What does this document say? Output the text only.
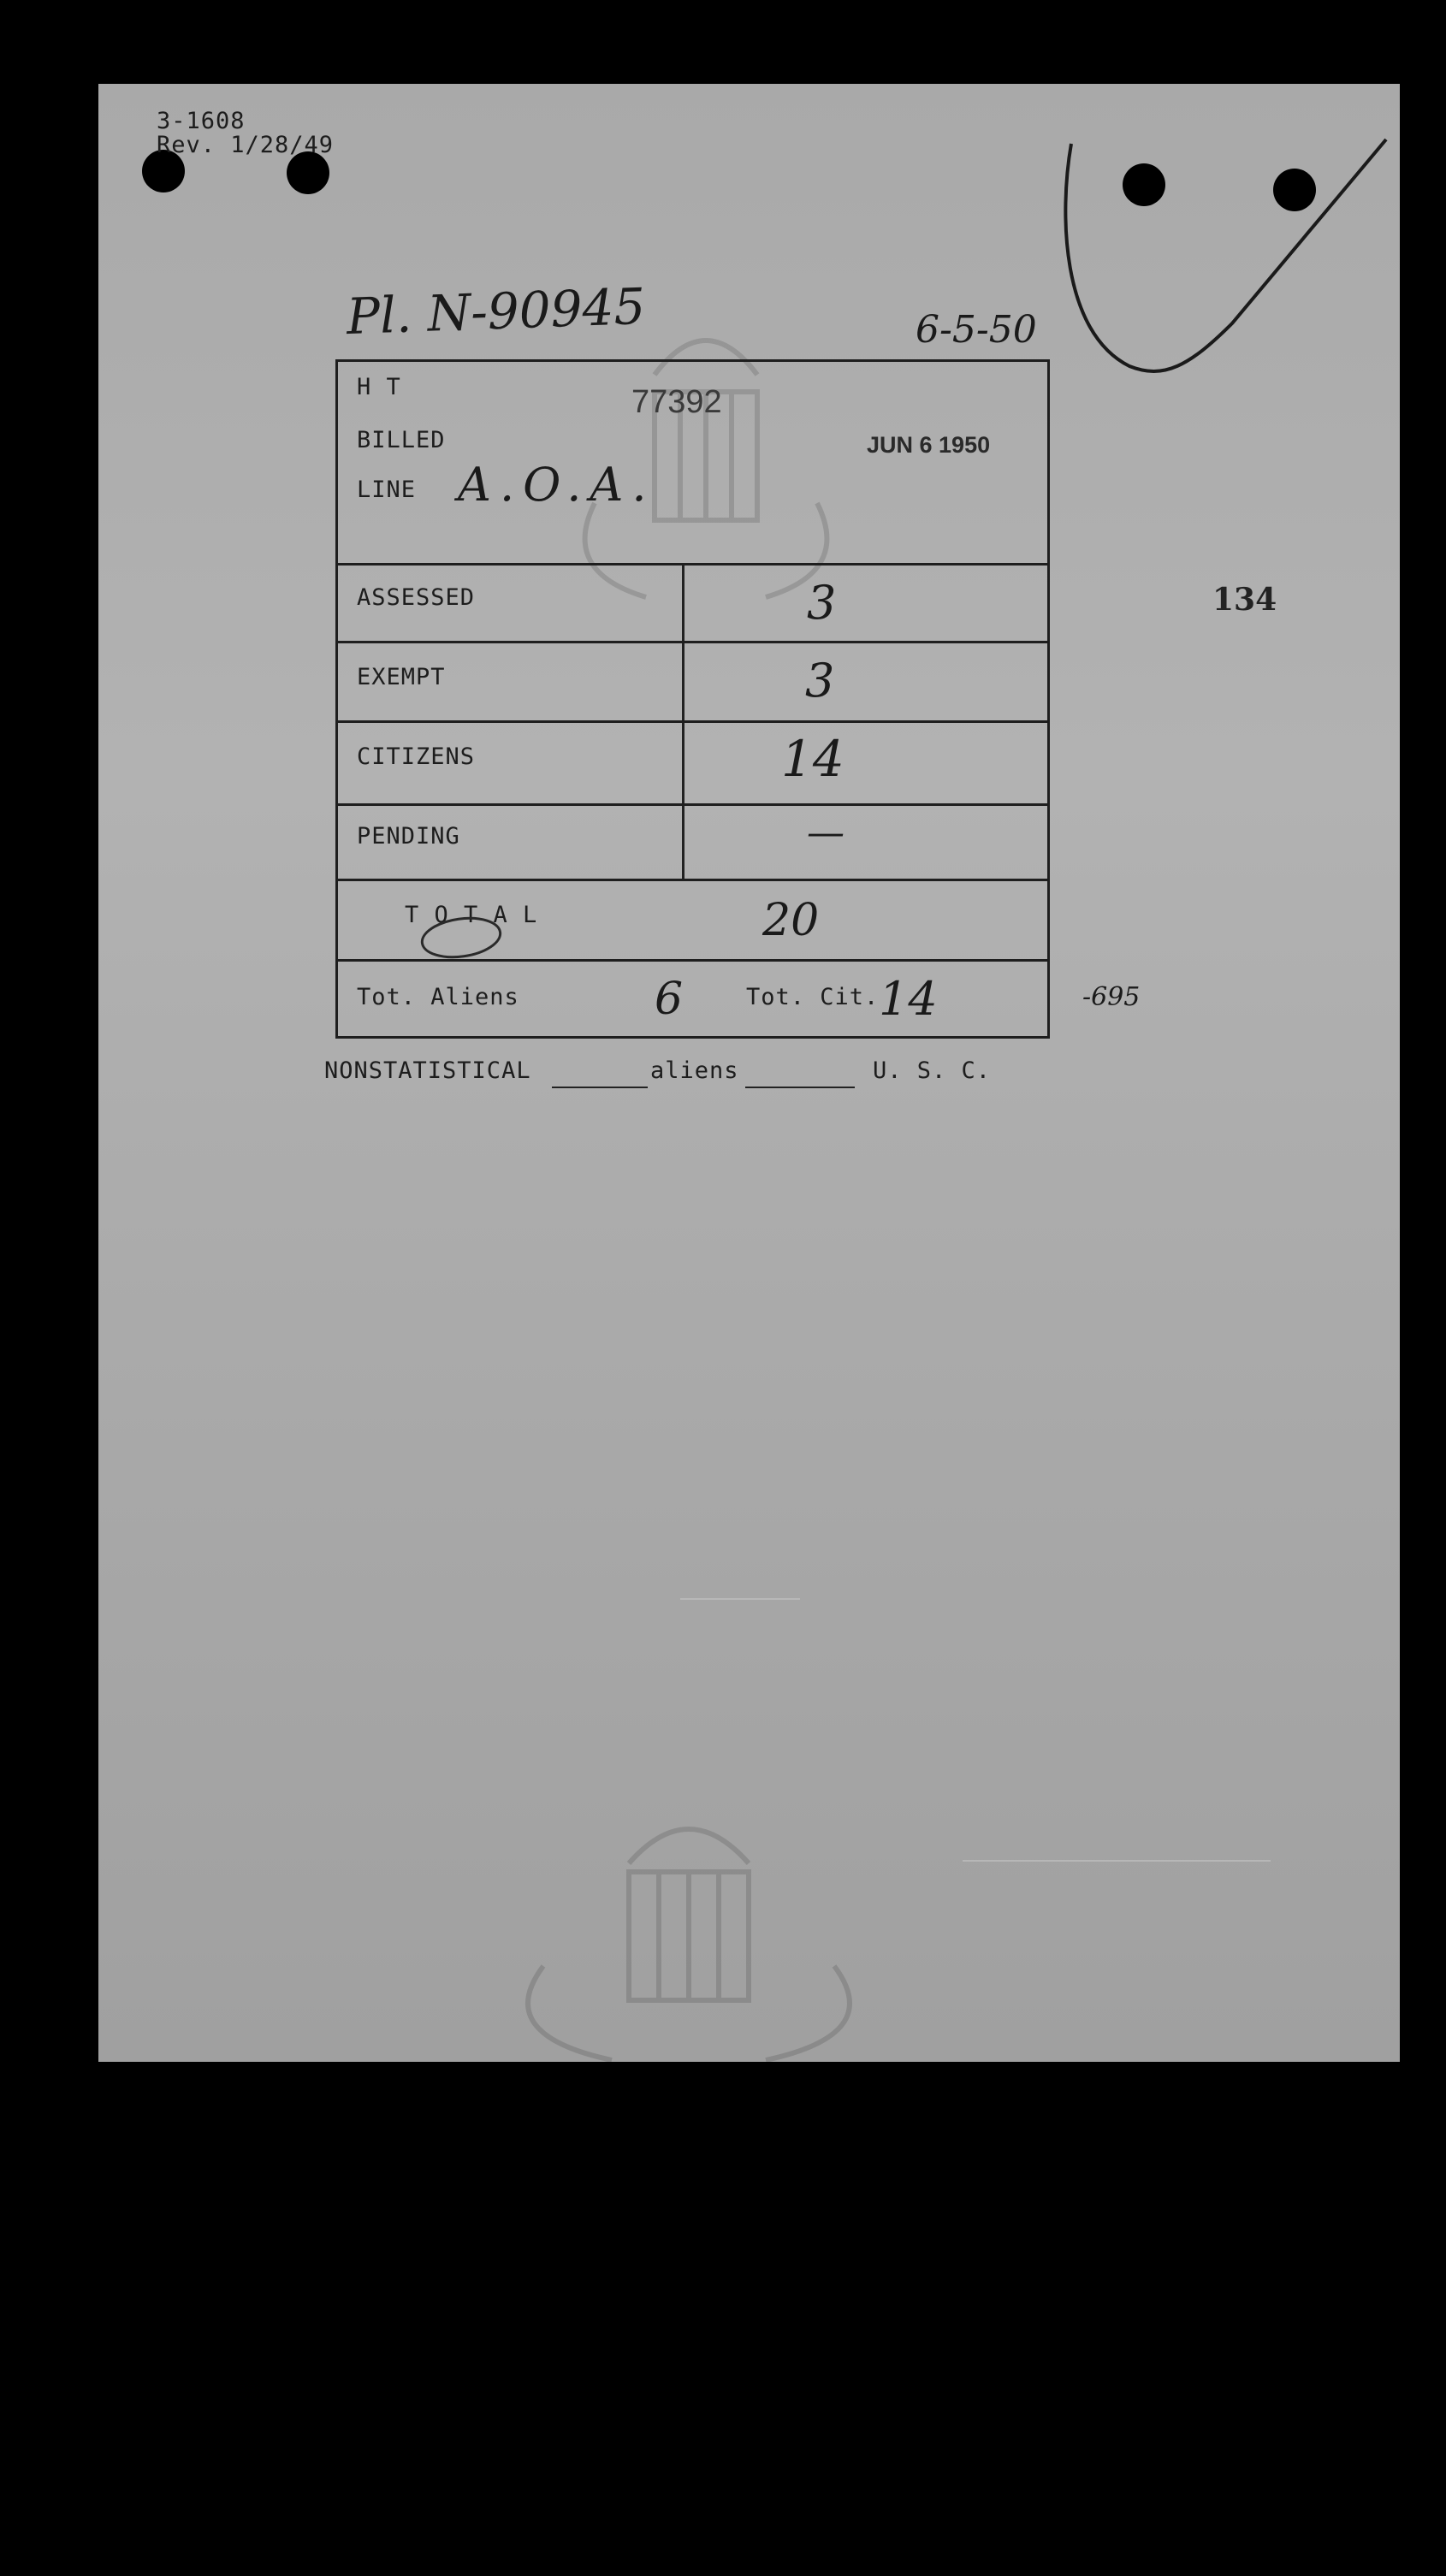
3-1608
Rev. 1/28/49
Pl. N-90945	6-5-50
H T	77392
BILLED	JUN 6 1950
LINE A.O.A.
ASSESSED	3
EXEMPT	3
CITIZENS	14
PENDING	—
T O T A L	20
Tot. Aliens	6	Tot. Cit. 14	-695
134
NONSTATISTICAL	aliens	U. S. C.
